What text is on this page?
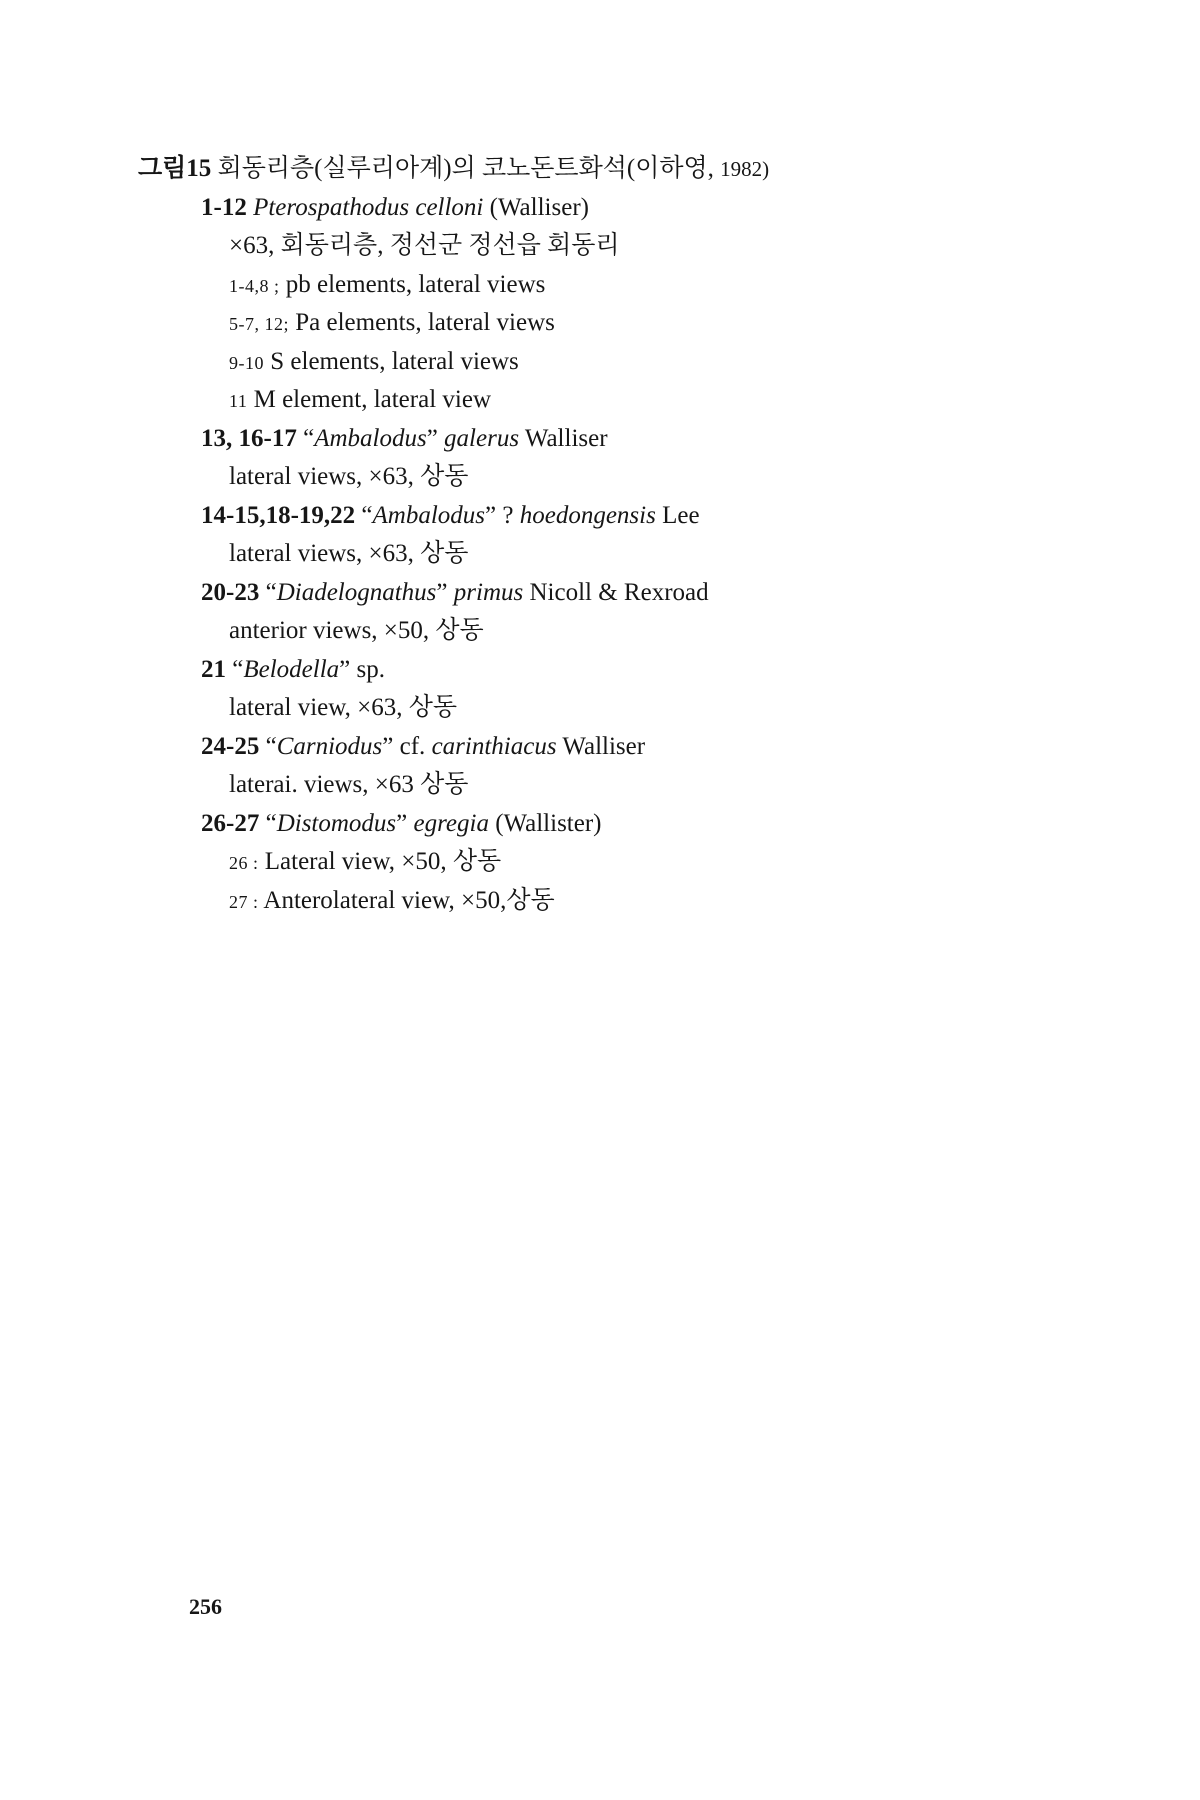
그림15 회동리층(실루리아계)의 코노돈트화석(이하영, 1982)
1-12 Pterospathodus celloni (Walliser)
×63, 회동리층, 정선군 정선읍 회동리
1-4,8 ; pb elements, lateral views
5-7, 12; Pa elements, lateral views
9-10 S elements, lateral views
11 M element, lateral view
13, 16-17 “Ambalodus” galerus Walliser
lateral views, ×63, 상동
14-15,18-19,22 “Ambalodus” ? hoedongensis Lee
lateral views, ×63, 상동
20-23 “Diadelognathus” primus Nicoll & Rexroad
anterior views, ×50, 상동
21 “Belodella” sp.
lateral view, ×63, 상동
24-25 “Carniodus” cf. carinthiacus Walliser
laterai. views, ×63 상동
26-27 “Distomodus” egregia (Wallister)
26 : Lateral view, ×50, 상동
27 : Anterolateral view, ×50,상동
256
